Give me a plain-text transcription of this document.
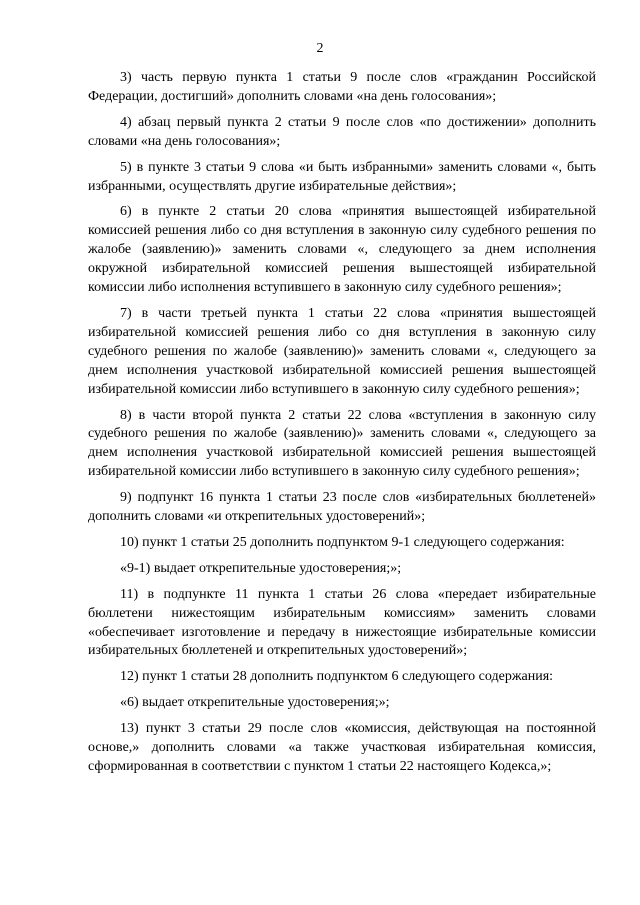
2

3) часть первую пункта 1 статьи 9 после слов «гражданин Российской Федерации, достигший» дополнить словами «на день голосования»;

4) абзац первый пункта 2 статьи 9 после слов «по достижении» дополнить словами «на день голосования»;

5) в пункте 3 статьи 9 слова «и быть избранными» заменить словами «, быть избранными, осуществлять другие избирательные действия»;

6) в пункте 2 статьи 20 слова «принятия вышестоящей избирательной комиссией решения либо со дня вступления в законную силу судебного решения по жалобе (заявлению)» заменить словами «, следующего за днем исполнения окружной избирательной комиссией решения вышестоящей избирательной комиссии либо исполнения вступившего в законную силу судебного решения»;

7) в части третьей пункта 1 статьи 22 слова «принятия вышестоящей избирательной комиссией решения либо со дня вступления в законную силу судебного решения по жалобе (заявлению)» заменить словами «, следующего за днем исполнения участковой избирательной комиссией решения вышестоящей избирательной комиссии либо вступившего в законную силу судебного решения»;

8) в части второй пункта 2 статьи 22 слова «вступления в законную силу судебного решения по жалобе (заявлению)» заменить словами «, следующего за днем исполнения участковой избирательной комиссией решения вышестоящей избирательной комиссии либо вступившего в законную силу судебного решения»;

9) подпункт 16 пункта 1 статьи 23 после слов «избирательных бюллетеней» дополнить словами «и открепительных удостоверений»;

10) пункт 1 статьи 25 дополнить подпунктом 9-1 следующего содержания:

«9-1) выдает открепительные удостоверения;»;

11) в подпункте 11 пункта 1 статьи 26 слова «передает избирательные бюллетени нижестоящим избирательным комиссиям» заменить словами «обеспечивает изготовление и передачу в нижестоящие избирательные комиссии избирательных бюллетеней и открепительных удостоверений»;

12) пункт 1 статьи 28 дополнить подпунктом 6 следующего содержания:

«6) выдает открепительные удостоверения;»;

13) пункт 3 статьи 29 после слов «комиссия, действующая на постоянной основе,» дополнить словами «а также участковая избирательная комиссия, сформированная в соответствии с пунктом 1 статьи 22 настоящего Кодекса,»;
